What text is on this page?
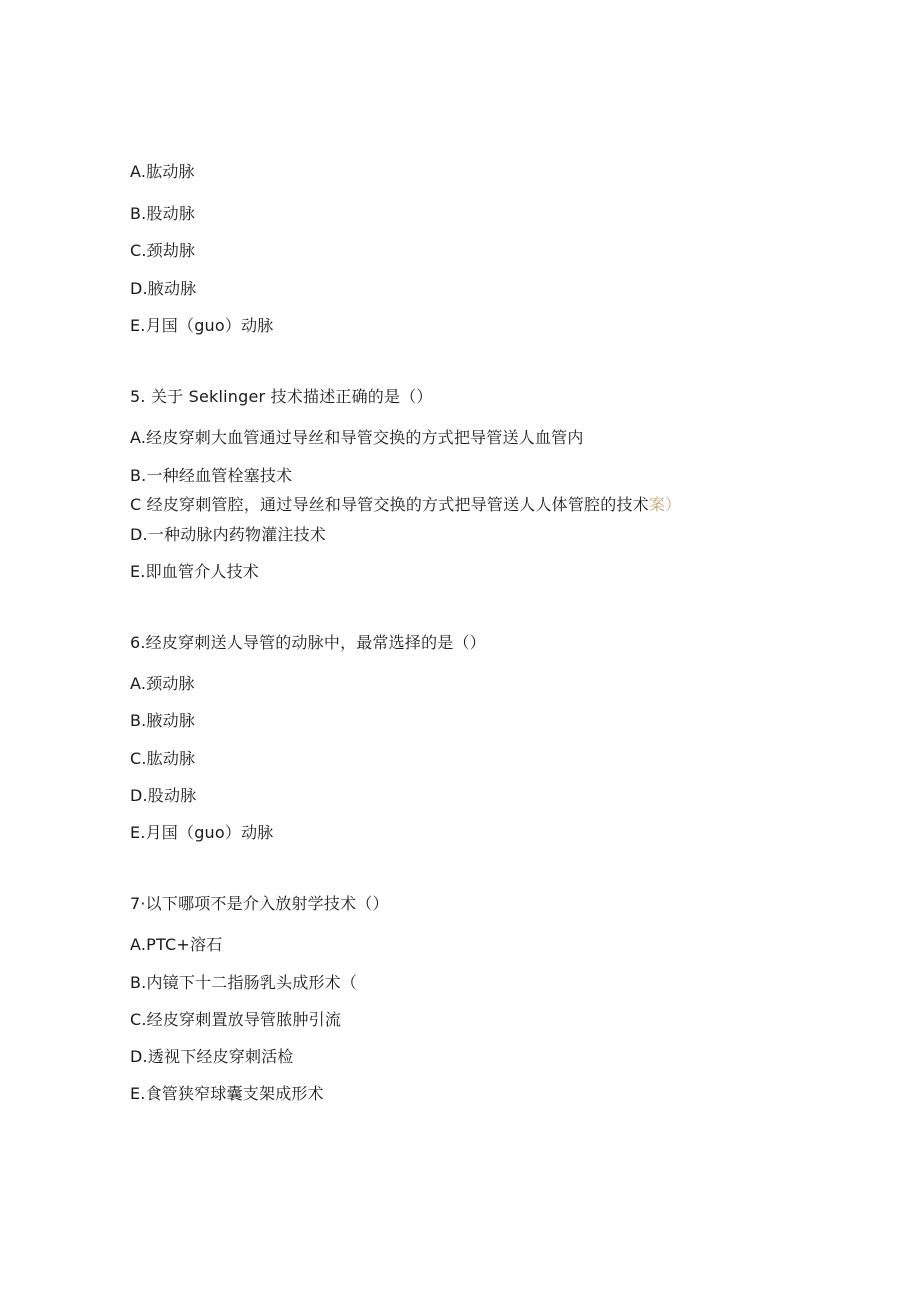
A.肱动脉
B.股动脉
C.颈劫脉
D.腋动脉
E.月国（guo）动脉
5. 关于 Seklinger 技术描述正确的是（）
A.经皮穿刺大血管通过导丝和导管交换的方式把导管送人血管内
B.一种经血管栓塞技术
C 经皮穿刺管腔，通过导丝和导管交换的方式把导管送人人体管腔的技术案）
D.一种动脉内药物灌注技术
E.即血管介人技术
6.经皮穿刺送人导管的动脉中，最常选择的是（）
A.颈动脉
B.腋动脉
C.肱动脉
D.股动脉
E.月国（guo）动脉
7·以下哪项不是介入放射学技术（）
A.PTC+溶石
B.内镜下十二指肠乳头成形术（
C.经皮穿刺置放导管脓肿引流
D.透视下经皮穿刺活检
E.食管狭窄球囊支架成形术
